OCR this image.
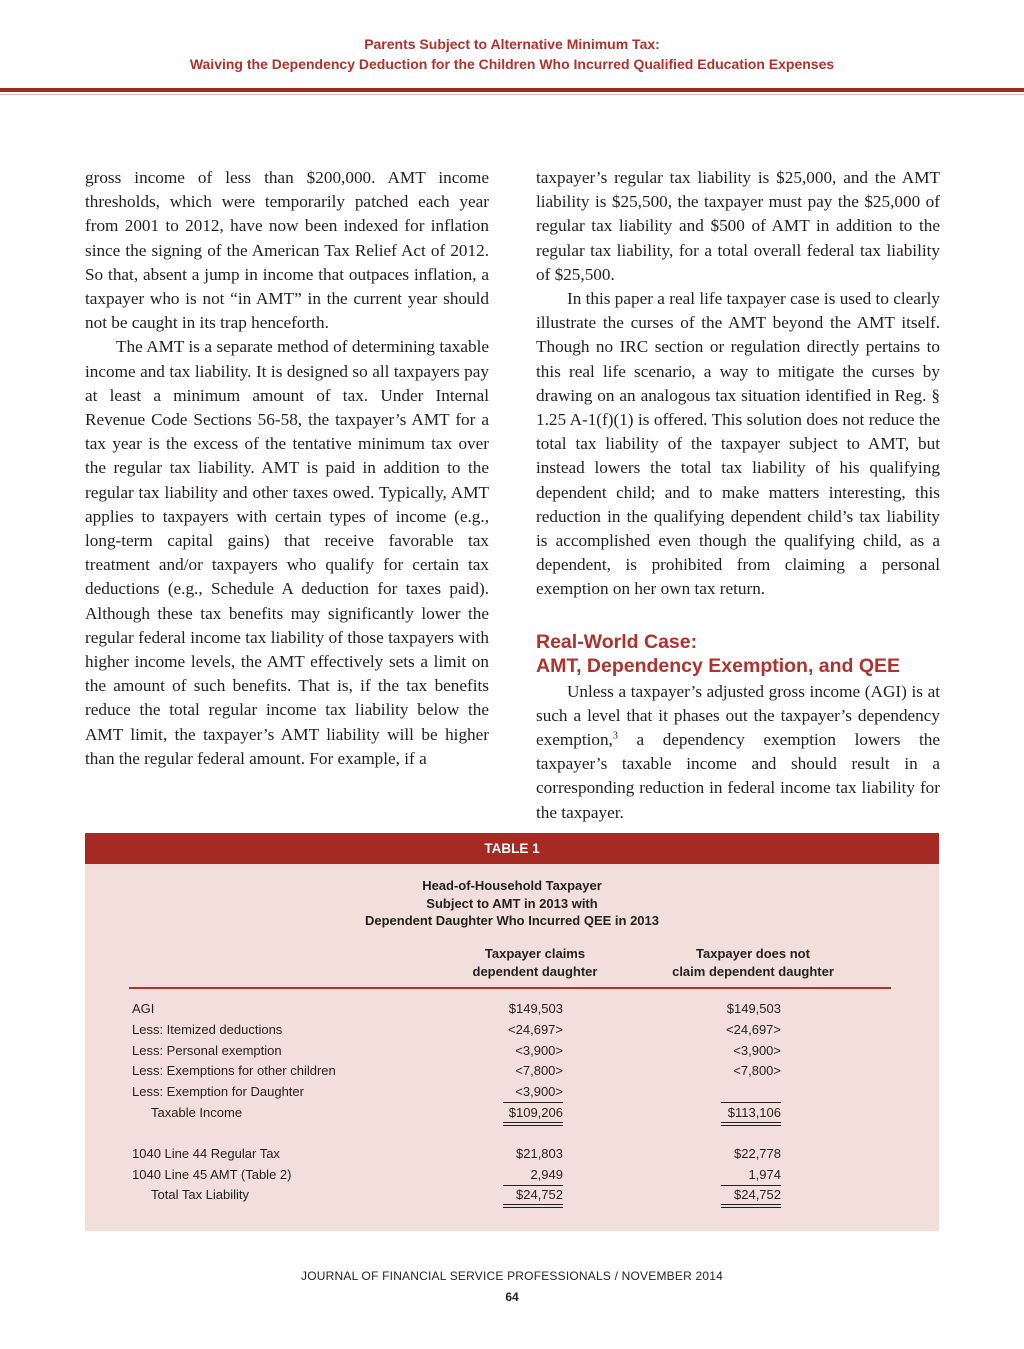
Parents Subject to Alternative Minimum Tax:
Waiving the Dependency Deduction for the Children Who Incurred Qualified Education Expenses

gross income of less than $200,000. AMT income thresholds, which were temporarily patched each year from 2001 to 2012, have now been indexed for inflation since the signing of the American Tax Relief Act of 2012. So that, absent a jump in income that outpaces inflation, a taxpayer who is not “in AMT” in the current year should not be caught in its trap henceforth.

The AMT is a separate method of determining taxable income and tax liability. It is designed so all taxpayers pay at least a minimum amount of tax. Under Internal Revenue Code Sections 56-58, the taxpayer’s AMT for a tax year is the excess of the tentative minimum tax over the regular tax liability. AMT is paid in addition to the regular tax liability and other taxes owed. Typically, AMT applies to taxpayers with certain types of income (e.g., long-term capital gains) that receive favorable tax treatment and/or taxpayers who qualify for certain tax deductions (e.g., Schedule A deduction for taxes paid). Although these tax benefits may significantly lower the regular federal income tax liability of those taxpayers with higher income levels, the AMT effectively sets a limit on the amount of such benefits. That is, if the tax benefits reduce the total regular income tax liability below the AMT limit, the taxpayer’s AMT liability will be higher than the regular federal amount. For example, if a

taxpayer’s regular tax liability is $25,000, and the AMT liability is $25,500, the taxpayer must pay the $25,000 of regular tax liability and $500 of AMT in addition to the regular tax liability, for a total overall federal tax liability of $25,500.

In this paper a real life taxpayer case is used to clearly illustrate the curses of the AMT beyond the AMT itself. Though no IRC section or regulation directly pertains to this real life scenario, a way to mitigate the curses by drawing on an analogous tax situation identified in Reg. § 1.25 A-1(f)(1) is offered. This solution does not reduce the total tax liability of the taxpayer subject to AMT, but instead lowers the total tax liability of his qualifying dependent child; and to make matters interesting, this reduction in the qualifying dependent child’s tax liability is accomplished even though the qualifying child, as a dependent, is prohibited from claiming a personal exemption on her own tax return.

Real-World Case:
AMT, Dependency Exemption, and QEE

Unless a taxpayer’s adjusted gross income (AGI) is at such a level that it phases out the taxpayer’s dependency exemption,$^3$ a dependency exemption lowers the taxpayer’s taxable income and should result in a corresponding reduction in federal income tax liability for the taxpayer.

TABLE 1
Head-of-Household Taxpayer
Subject to AMT in 2013 with
Dependent Daughter Who Incurred QEE in 2013
Taxpayer claims
dependent daughter
Taxpayer does not
claim dependent daughter
AGI	$149,503	$149,503
Less: Itemized deductions	<24,697>	<24,697>
Less: Personal exemption	<3,900>	<3,900>
Less: Exemptions for other children	<7,800>	<7,800>
Less: Exemption for Daughter	<3,900>
Taxable Income	$109,206	$113,106
1040 Line 44 Regular Tax	$21,803	$22,778
1040 Line 45 AMT (Table 2)	2,949	1,974
Total Tax Liability	$24,752	$24,752
JOURNAL OF FINANCIAL SERVICE PROFESSIONALS / NOVEMBER 2014
64
